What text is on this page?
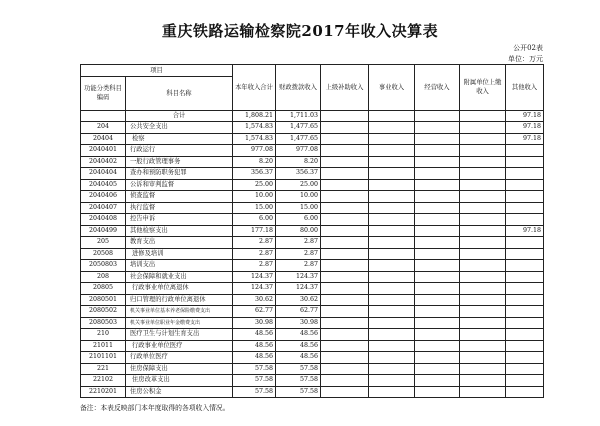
重庆铁路运输检察院2017年收入决算表
公开02表
单位：万元
项目		本年收入合计	财政拨款收入	上级补助收入	事业收入	经营收入	附属单位上缴收入	其他收入
功能分类科目编码	科目名称							
	合计	1,808.21	1,711.03					97.18
204	公共安全支出	1,574.83	1,477.65					97.18
20404	检察	1,574.83	1,477.65					97.18
2040401	行政运行	977.08	977.08					
2040402	一般行政管理事务	8.20	8.20					
2040404	查办和预防职务犯罪	356.37	356.37					
2040405	公诉和审判监督	25.00	25.00					
2040406	侦查监督	10.00	10.00					
2040407	执行监督	15.00	15.00					
2040408	控告申诉	6.00	6.00					
2040499	其他检察支出	177.18	80.00					97.18
205	教育支出	2.87	2.87					
20508	进修及培训	2.87	2.87					
2050803	培训支出	2.87	2.87					
208	社会保障和就业支出	124.37	124.37					
20805	行政事业单位离退休	124.37	124.37					
2080501	归口管理的行政单位离退休	30.62	30.62					
2080502	机关事业单位基本养老保险缴费支出	62.77	62.77					
2080503	机关事业单位职业年金缴费支出	30.98	30.98					
210	医疗卫生与计划生育支出	48.56	48.56					
21011	行政事业单位医疗	48.56	48.56					
2101101	行政单位医疗	48.56	48.56					
221	住房保障支出	57.58	57.58					
22102	住房改革支出	57.58	57.58					
2210201	住房公积金	57.58	57.58					
备注：本表反映部门本年度取得的各项收入情况。
